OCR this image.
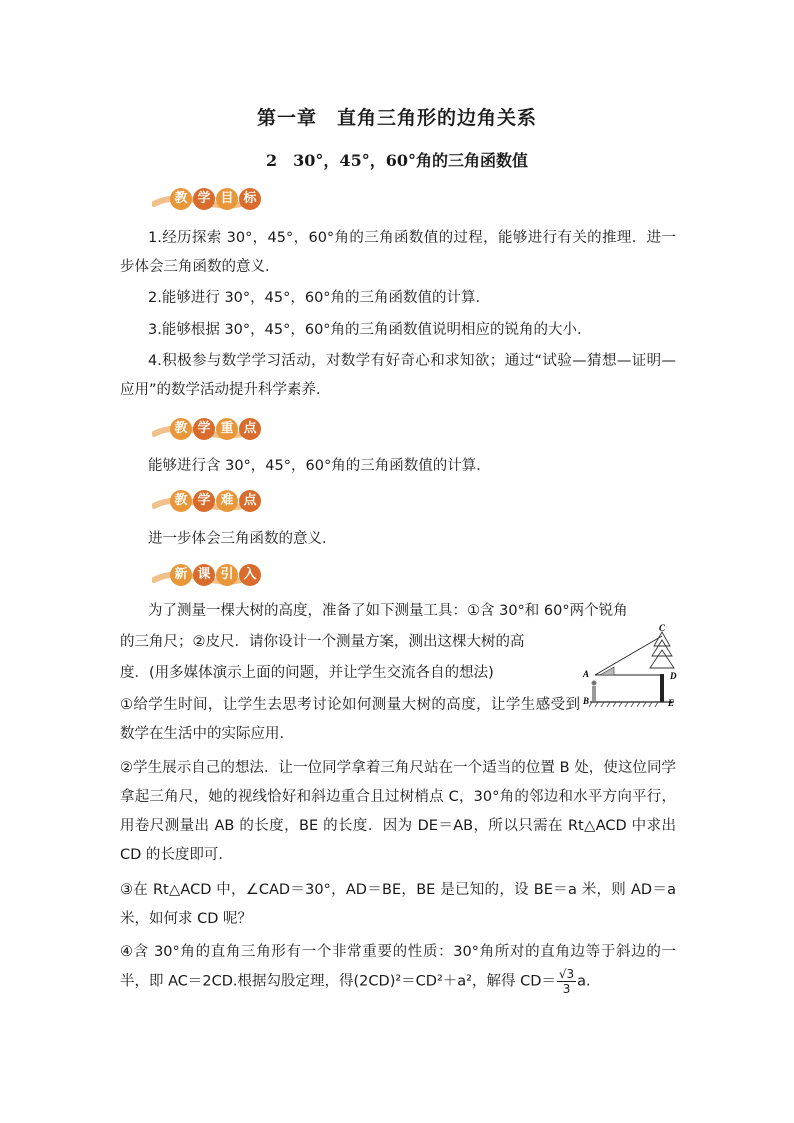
第一章　直角三角形的边角关系
2　30°，45°，60°角的三角函数值
教 学 目 标
1.经历探索 30°，45°，60°角的三角函数值的过程，能够进行有关的推理．进一步体会三角函数的意义．
2.能够进行 30°，45°，60°角的三角函数值的计算．
3.能够根据 30°，45°，60°角的三角函数值说明相应的锐角的大小．
4.积极参与数学学习活动，对数学有好奇心和求知欲；通过“试验—猜想—证明—应用”的数学活动提升科学素养．
教 学 重 点
能够进行含 30°，45°，60°角的三角函数值的计算．
教 学 难 点
进一步体会三角函数的意义．
新 课 引 入
为了测量一棵大树的高度，准备了如下测量工具：①含 30°和 60°两个锐角
的三角尺；②皮尺．请你设计一个测量方案，测出这棵大树的高
度．(用多媒体演示上面的问题，并让学生交流各自的想法)
①给学生时间，让学生去思考讨论如何测量大树的高度，让学生感受到数学在生活中的实际应用．
A
B
C
D
E
②学生展示自己的想法．让一位同学拿着三角尺站在一个适当的位置 B 处，使这位同学拿起三角尺，她的视线恰好和斜边重合且过树梢点 C，30°角的邻边和水平方向平行，用卷尺测量出 AB 的长度，BE 的长度．因为 DE＝AB，所以只需在 Rt△ACD 中求出 CD 的长度即可．
③在 Rt△ACD 中，∠CAD＝30°，AD＝BE，BE 是已知的，设 BE＝a 米，则 AD＝a 米，如何求 CD 呢？
④含 30°角的直角三角形有一个非常重要的性质：30°角所对的直角边等于斜边的一半，即 AC＝2CD.根据勾股定理，得(2CD)²＝CD²＋a²，解得 $CD= \frac{√3}{3} a$.
